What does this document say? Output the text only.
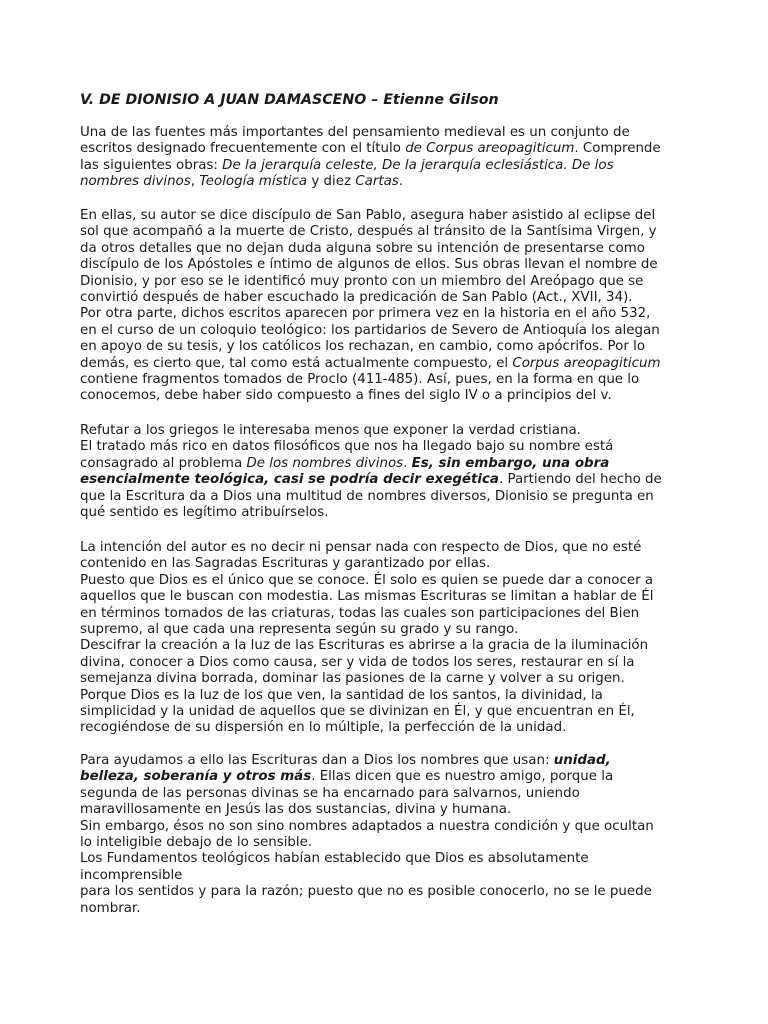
V. DE DIONISIO A JUAN DAMASCENO – Etienne Gilson

Una de las fuentes más importantes del pensamiento medieval es un conjunto de
escritos designado frecuentemente con el título de Corpus areopagiticum. Comprende
las siguientes obras: De la jerarquía celeste, De la jerarquía eclesiástica. De los
nombres divinos, Teología mística y diez Cartas.

En ellas, su autor se dice discípulo de San Pablo, asegura haber asistido al eclipse del
sol que acompañó a la muerte de Cristo, después al tránsito de la Santísima Virgen, y
da otros detalles que no dejan duda alguna sobre su intención de presentarse como
discípulo de los Apóstoles e íntimo de algunos de ellos. Sus obras llevan el nombre de
Dionisio, y por eso se le identificó muy pronto con un miembro del Areópago que se
convirtió después de haber escuchado la predicación de San Pablo (Act., XVII, 34).
Por otra parte, dichos escritos aparecen por primera vez en la historia en el año 532,
en el curso de un coloquio teológico: los partidarios de Severo de Antioquía los alegan
en apoyo de su tesis, y los católicos los rechazan, en cambio, como apócrifos. Por lo
demás, es cierto que, tal como está actualmente compuesto, el Corpus areopagiticum
contiene fragmentos tomados de Proclo (411-485). Así, pues, en la forma en que lo
conocemos, debe haber sido compuesto a fines del siglo IV o a principios del v.

Refutar a los griegos le interesaba menos que exponer la verdad cristiana.
El tratado más rico en datos filosóficos que nos ha llegado bajo su nombre está
consagrado al problema De los nombres divinos. Es, sin embargo, una obra
esencialmente teológica, casi se podría decir exegética. Partiendo del hecho de
que la Escritura da a Dios una multitud de nombres diversos, Dionisio se pregunta en
qué sentido es legítimo atribuírselos.

La intención del autor es no decir ni pensar nada con respecto de Dios, que no esté
contenido en las Sagradas Escrituras y garantizado por ellas.
Puesto que Dios es el único que se conoce. Él solo es quien se puede dar a conocer a
aquellos que le buscan con modestia. Las mismas Escrituras se limitan a hablar de Él
en términos tomados de las criaturas, todas las cuales son participaciones del Bien
supremo, al que cada una representa según su grado y su rango.
Descifrar la creación a la luz de las Escrituras es abrirse a la gracia de la iluminación
divina, conocer a Dios como causa, ser y vida de todos los seres, restaurar en sí la
semejanza divina borrada, dominar las pasiones de la carne y volver a su origen.
Porque Dios es la luz de los que ven, la santidad de los santos, la divinidad, la
simplicidad y la unidad de aquellos que se divinizan en Él, y que encuentran en Él,
recogiéndose de su dispersión en lo múltiple, la perfección de la unidad.

Para ayudamos a ello las Escrituras dan a Dios los nombres que usan: unidad,
belleza, soberanía y otros más. Ellas dicen que es nuestro amigo, porque la
segunda de las personas divinas se ha encarnado para salvarnos, uniendo
maravillosamente en Jesús las dos sustancias, divina y humana.
Sin embargo, ésos no son sino nombres adaptados a nuestra condición y que ocultan
lo inteligible debajo de lo sensible.
Los Fundamentos teológicos habían establecido que Dios es absolutamente
incomprensible
para los sentidos y para la razón; puesto que no es posible conocerlo, no se le puede
nombrar.
